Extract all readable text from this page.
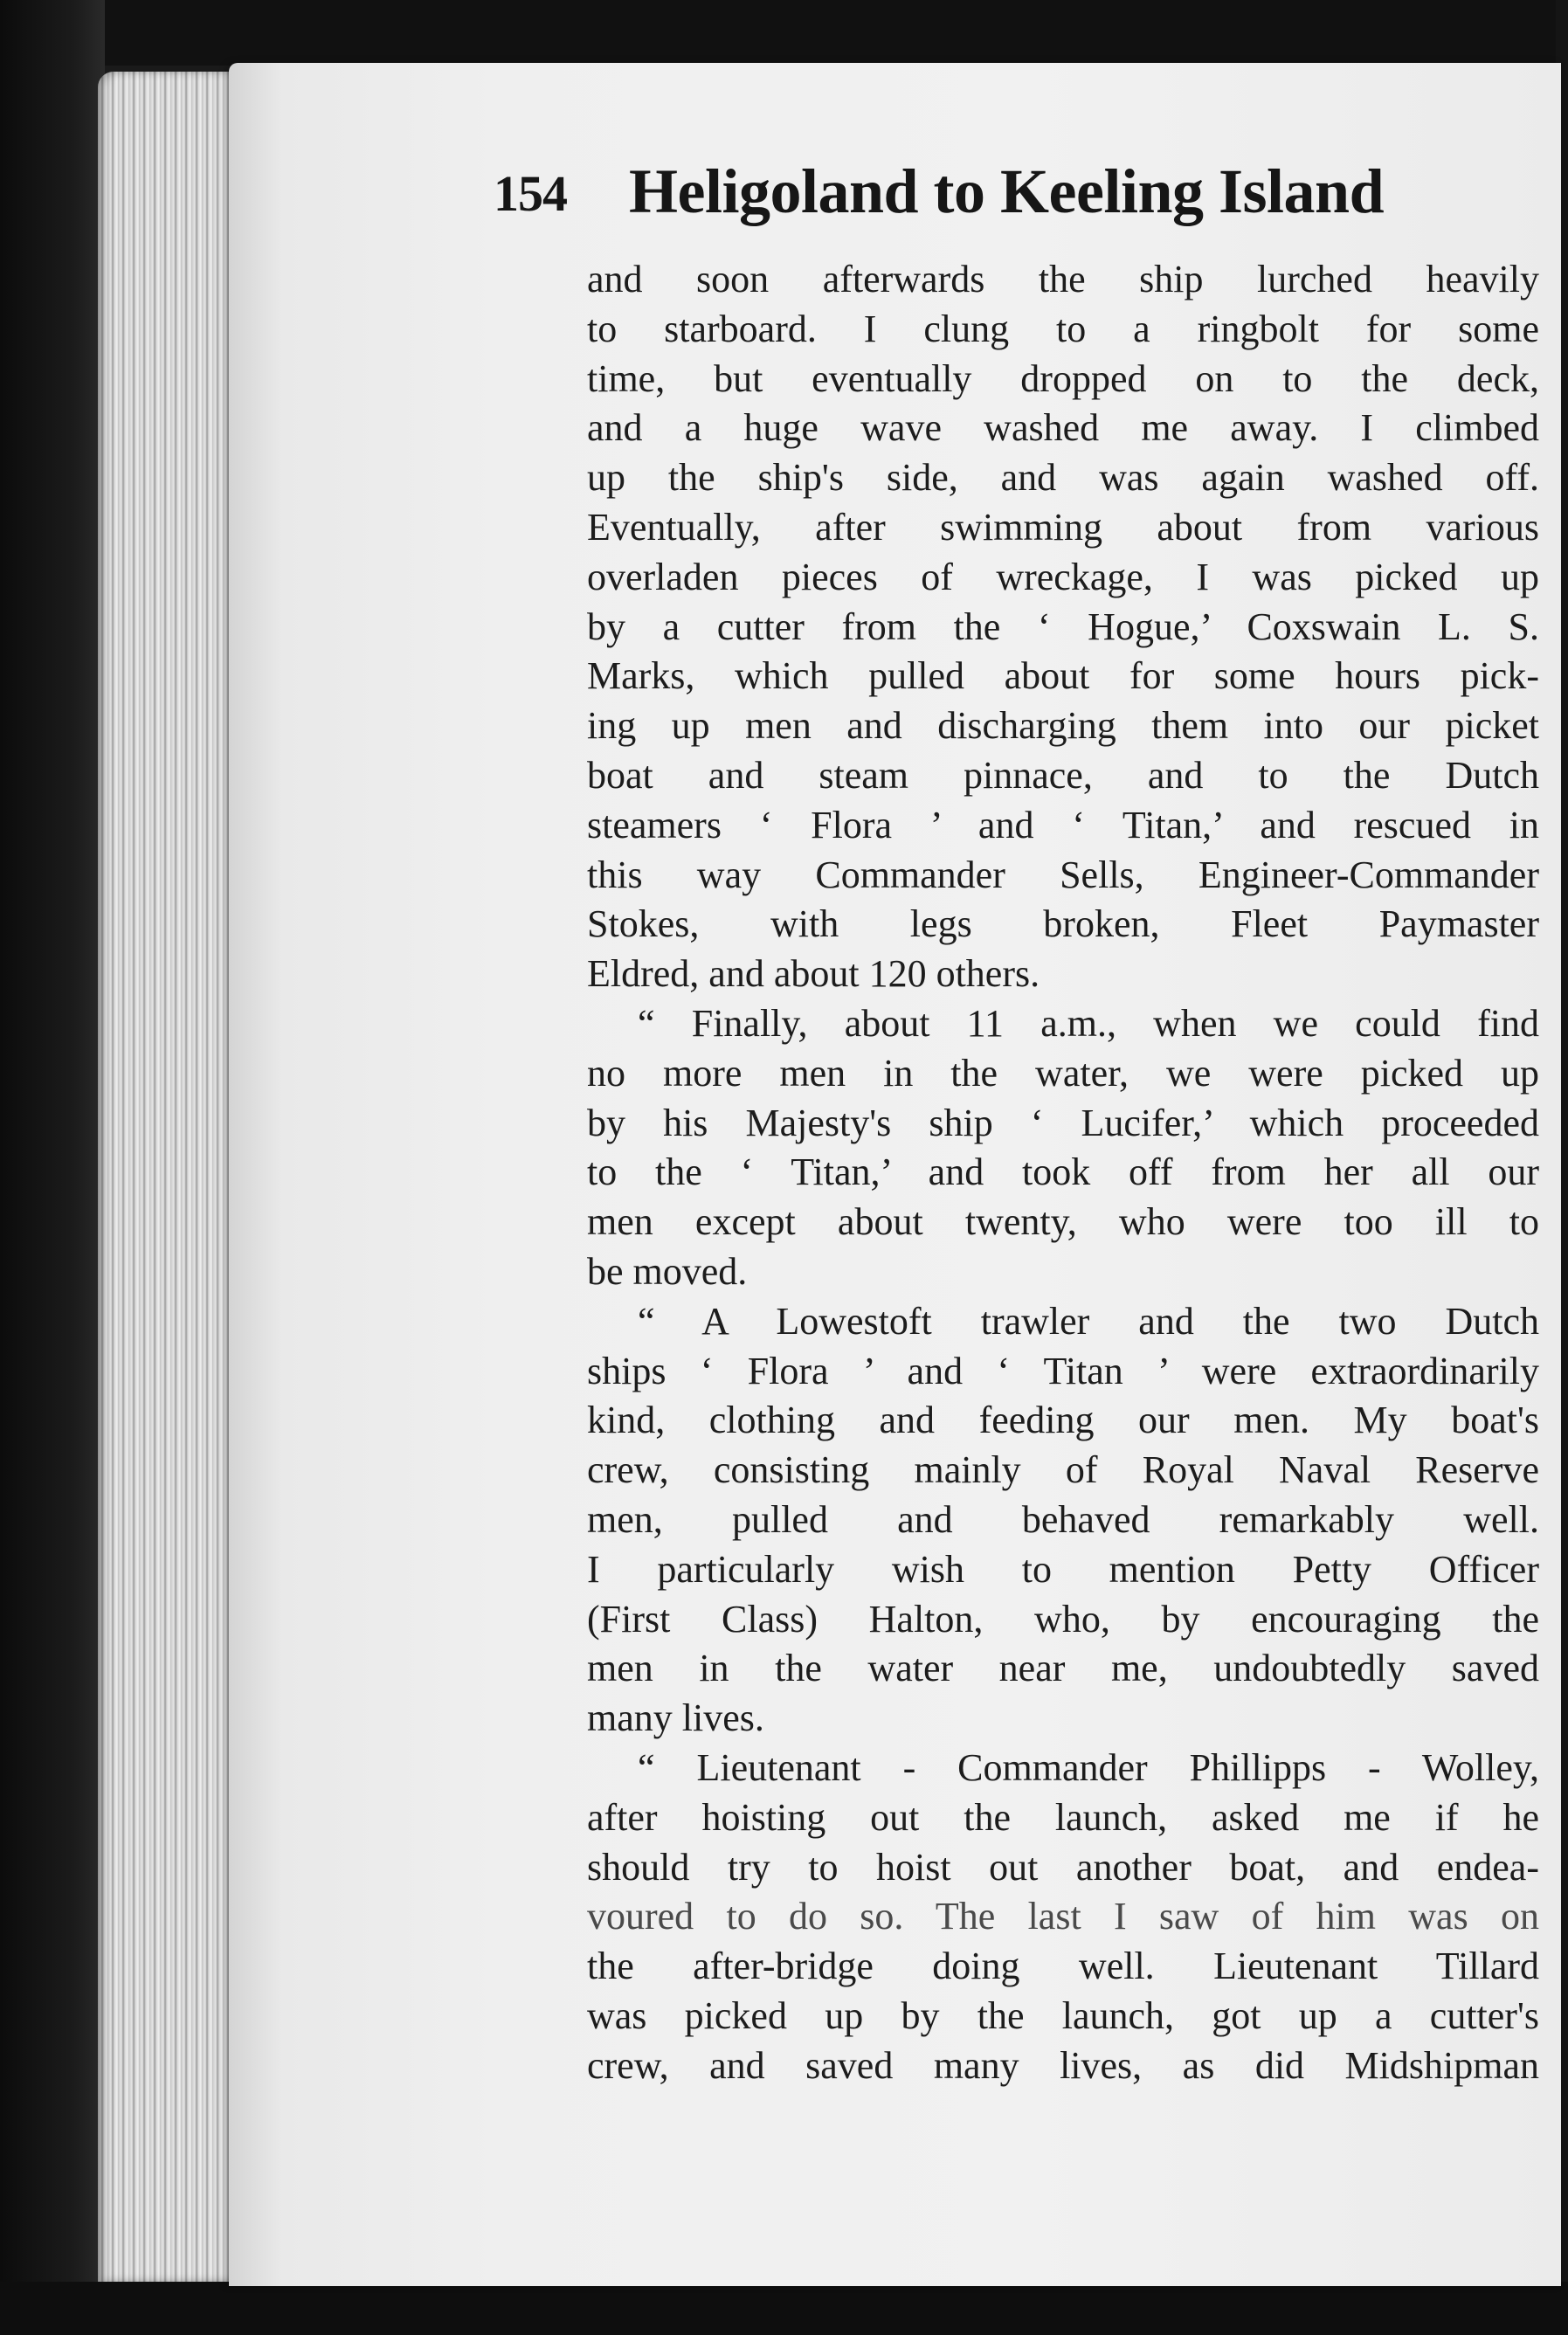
154 Heligoland to Keeling Island
and soon afterwards the ship lurched heavily
to starboard. I clung to a ringbolt for some
time, but eventually dropped on to the deck,
and a huge wave washed me away. I climbed
up the ship's side, and was again washed off.
Eventually, after swimming about from various
overladen pieces of wreckage, I was picked up
by a cutter from the ‘ Hogue,’ Coxswain L. S.
Marks, which pulled about for some hours pick-
ing up men and discharging them into our picket
boat and steam pinnace, and to the Dutch
steamers ‘ Flora ’ and ‘ Titan,’ and rescued in
this way Commander Sells, Engineer-Commander
Stokes, with legs broken, Fleet Paymaster
Eldred, and about 120 others.
“ Finally, about 11 a.m., when we could find
no more men in the water, we were picked up
by his Majesty's ship ‘ Lucifer,’ which proceeded
to the ‘ Titan,’ and took off from her all our
men except about twenty, who were too ill to
be moved.
“ A Lowestoft trawler and the two Dutch
ships ‘ Flora ’ and ‘ Titan ’ were extraordinarily
kind, clothing and feeding our men. My boat's
crew, consisting mainly of Royal Naval Reserve
men, pulled and behaved remarkably well.
I particularly wish to mention Petty Officer
(First Class) Halton, who, by encouraging the
men in the water near me, undoubtedly saved
many lives.
“ Lieutenant - Commander Phillipps - Wolley,
after hoisting out the launch, asked me if he
should try to hoist out another boat, and endea-
voured to do so. The last I saw of him was on
the after-bridge doing well. Lieutenant Tillard
was picked up by the launch, got up a cutter's
crew, and saved many lives, as did Midshipman
